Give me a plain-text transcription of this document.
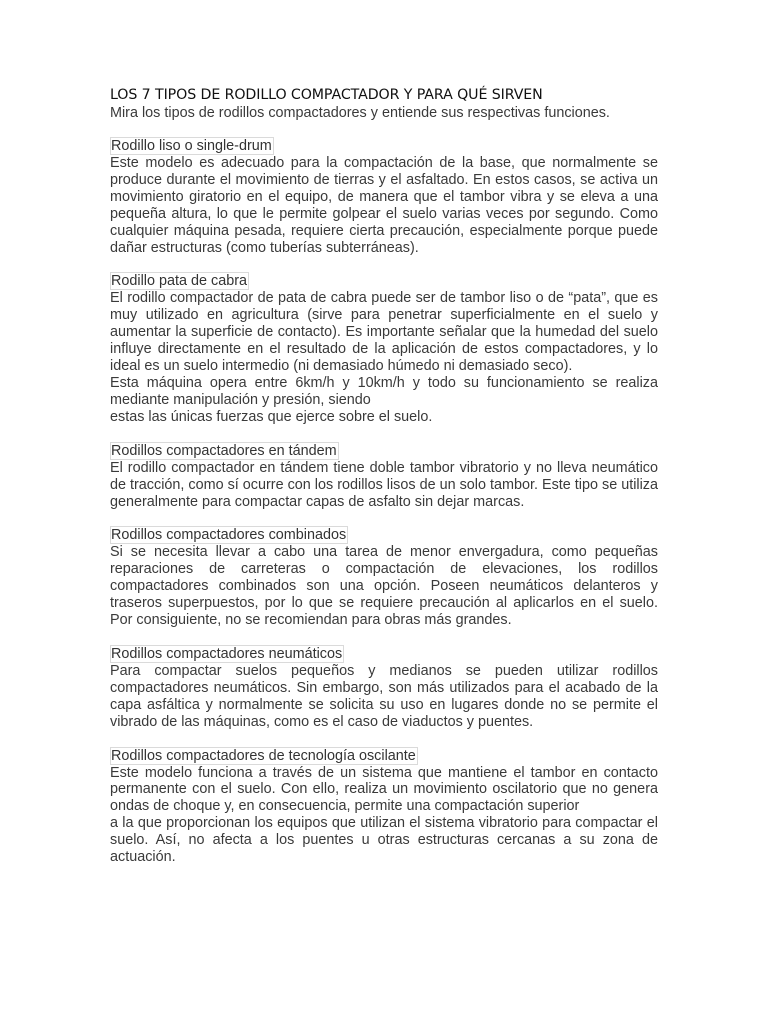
LOS 7 TIPOS DE RODILLO COMPACTADOR Y PARA QUÉ SIRVEN

Mira los tipos de rodillos compactadores y entiende sus respectivas funciones.

Rodillo liso o single-drum

Este modelo es adecuado para la compactación de la base, que normalmente se produce durante el movimiento de tierras y el asfaltado. En estos casos, se activa un movimiento giratorio en el equipo, de manera que el tambor vibra y se eleva a una pequeña altura, lo que le permite golpear el suelo varias veces por segundo. Como cualquier máquina pesada, requiere cierta precaución, especialmente porque puede dañar estructuras (como tuberías subterráneas).

Rodillo pata de cabra

El rodillo compactador de pata de cabra puede ser de tambor liso o de “pata”, que es muy utilizado en agricultura (sirve para penetrar superficialmente en el suelo y aumentar la superficie de contacto). Es importante señalar que la humedad del suelo influye directamente en el resultado de la aplicación de estos compactadores, y lo ideal es un suelo intermedio (ni demasiado húmedo ni demasiado seco).

Esta máquina opera entre 6km/h y 10km/h y todo su funcionamiento se realiza mediante manipulación y presión, siendo

estas las únicas fuerzas que ejerce sobre el suelo.

Rodillos compactadores en tándem

El rodillo compactador en tándem tiene doble tambor vibratorio y no lleva neumático de tracción, como sí ocurre con los rodillos lisos de un solo tambor. Este tipo se utiliza generalmente para compactar capas de asfalto sin dejar marcas.

Rodillos compactadores combinados

Si se necesita llevar a cabo una tarea de menor envergadura, como pequeñas reparaciones de carreteras o compactación de elevaciones, los rodillos compactadores combinados son una opción. Poseen neumáticos delanteros y traseros superpuestos, por lo que se requiere precaución al aplicarlos en el suelo. Por consiguiente, no se recomiendan para obras más grandes.

Rodillos compactadores neumáticos

Para compactar suelos pequeños y medianos se pueden utilizar rodillos compactadores neumáticos. Sin embargo, son más utilizados para el acabado de la capa asfáltica y normalmente se solicita su uso en lugares donde no se permite el vibrado de las máquinas, como es el caso de viaductos y puentes.

Rodillos compactadores de tecnología oscilante

Este modelo funciona a través de un sistema que mantiene el tambor en contacto permanente con el suelo. Con ello, realiza un movimiento oscilatorio que no genera ondas de choque y, en consecuencia, permite una compactación superior

a la que proporcionan los equipos que utilizan el sistema vibratorio para compactar el suelo. Así, no afecta a los puentes u otras estructuras cercanas a su zona de actuación.
